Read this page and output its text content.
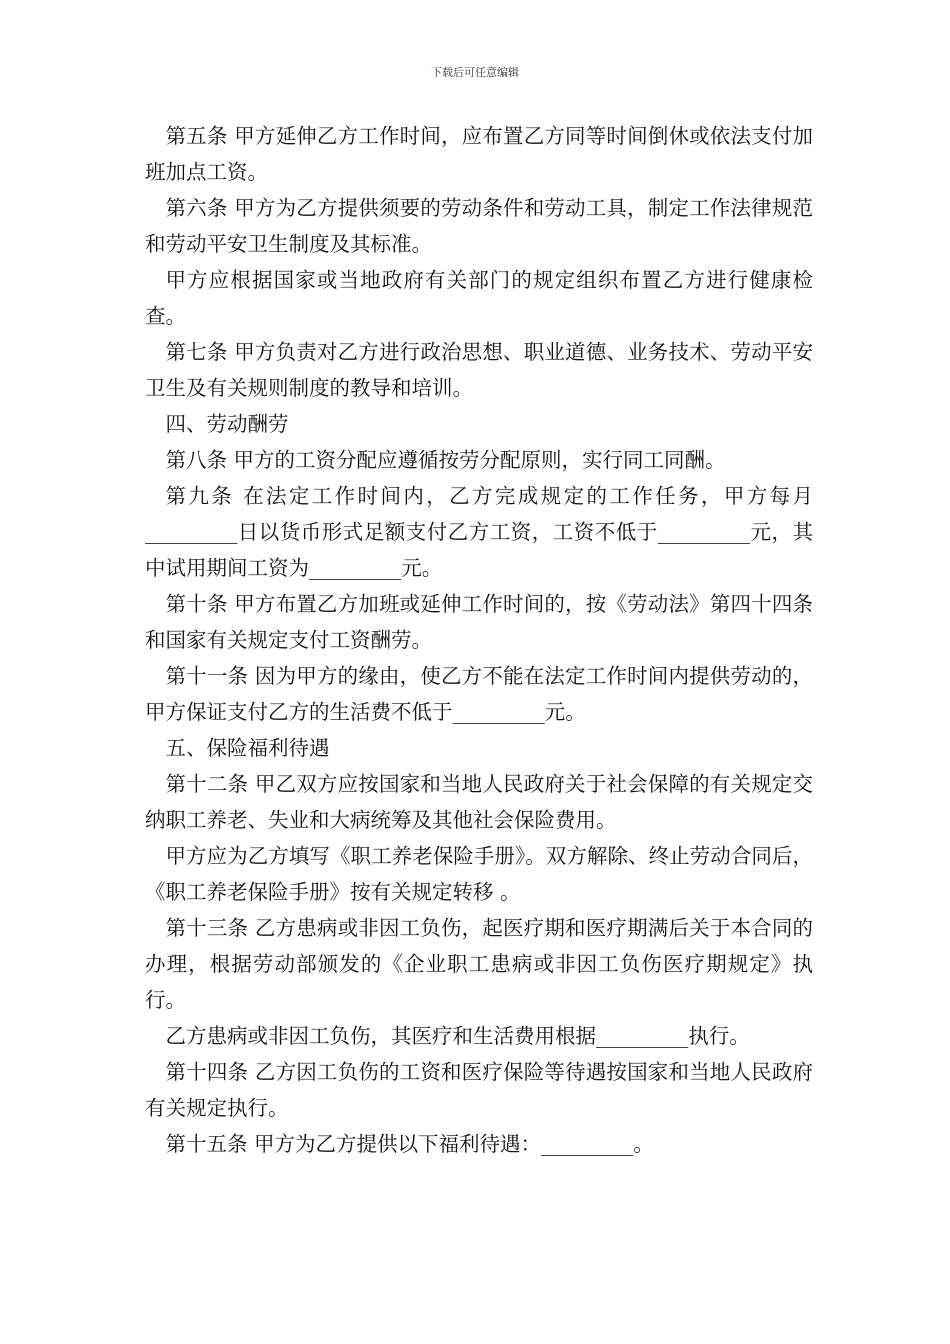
下载后可任意编辑

第五条 甲方延伸乙方工作时间，应布置乙方同等时间倒休或依法支付加班加点工资。

第六条 甲方为乙方提供须要的劳动条件和劳动工具，制定工作法律规范和劳动平安卫生制度及其标准。

甲方应根据国家或当地政府有关部门的规定组织布置乙方进行健康检查。

第七条 甲方负责对乙方进行政治思想、职业道德、业务技术、劳动平安卫生及有关规则制度的教导和培训。

四、劳动酬劳

第八条 甲方的工资分配应遵循按劳分配原则，实行同工同酬。

第九条 在法定工作时间内，乙方完成规定的工作任务，甲方每月_________日以货币形式足额支付乙方工资，工资不低于_________元，其中试用期间工资为_________元。

第十条 甲方布置乙方加班或延伸工作时间的，按《劳动法》第四十四条和国家有关规定支付工资酬劳。

第十一条 因为甲方的缘由，使乙方不能在法定工作时间内提供劳动的，甲方保证支付乙方的生活费不低于_________元。

五、保险福利待遇

第十二条 甲乙双方应按国家和当地人民政府关于社会保障的有关规定交纳职工养老、失业和大病统筹及其他社会保险费用。

甲方应为乙方填写《职工养老保险手册》。双方解除、终止劳动合同后，《职工养老保险手册》按有关规定转移 。

第十三条 乙方患病或非因工负伤，起医疗期和医疗期满后关于本合同的办理，根据劳动部颁发的《企业职工患病或非因工负伤医疗期规定》执行。

乙方患病或非因工负伤，其医疗和生活费用根据_________执行。

第十四条 乙方因工负伤的工资和医疗保险等待遇按国家和当地人民政府有关规定执行。

第十五条 甲方为乙方提供以下福利待遇：_________。
